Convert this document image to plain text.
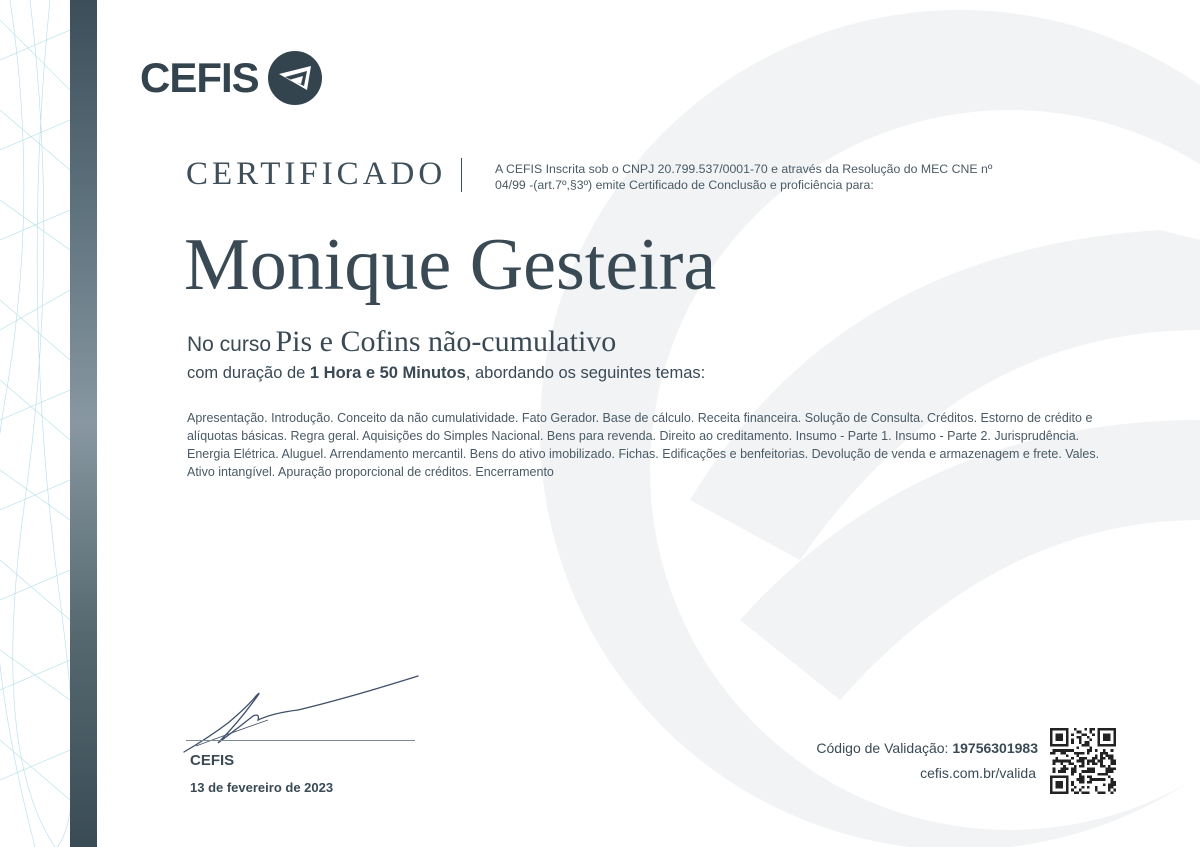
CEFIS
CERTIFICADO	A CEFIS Inscrita sob o CNPJ 20.799.537/0001-70 e através da Resolução do MEC CNE nº 04/99 -(art.7º,§3º) emite Certificado de Conclusão e proficiência para:
Monique Gesteira
No curso Pis e Cofins não-cumulativo
com duração de 1 Hora e 50 Minutos, abordando os seguintes temas:
Apresentação. Introdução. Conceito da não cumulatividade. Fato Gerador. Base de cálculo. Receita financeira. Solução de Consulta. Créditos. Estorno de crédito e alíquotas básicas. Regra geral. Aquisições do Simples Nacional. Bens para revenda. Direito ao creditamento. Insumo - Parte 1. Insumo - Parte 2. Jurisprudência. Energia Elétrica. Aluguel. Arrendamento mercantil. Bens do ativo imobilizado. Fichas. Edificações e benfeitorias. Devolução de venda e armazenagem e frete. Vales. Ativo intangível. Apuração proporcional de créditos. Encerramento
CEFIS
13 de fevereiro de 2023
Código de Validação: 19756301983
cefis.com.br/valida
